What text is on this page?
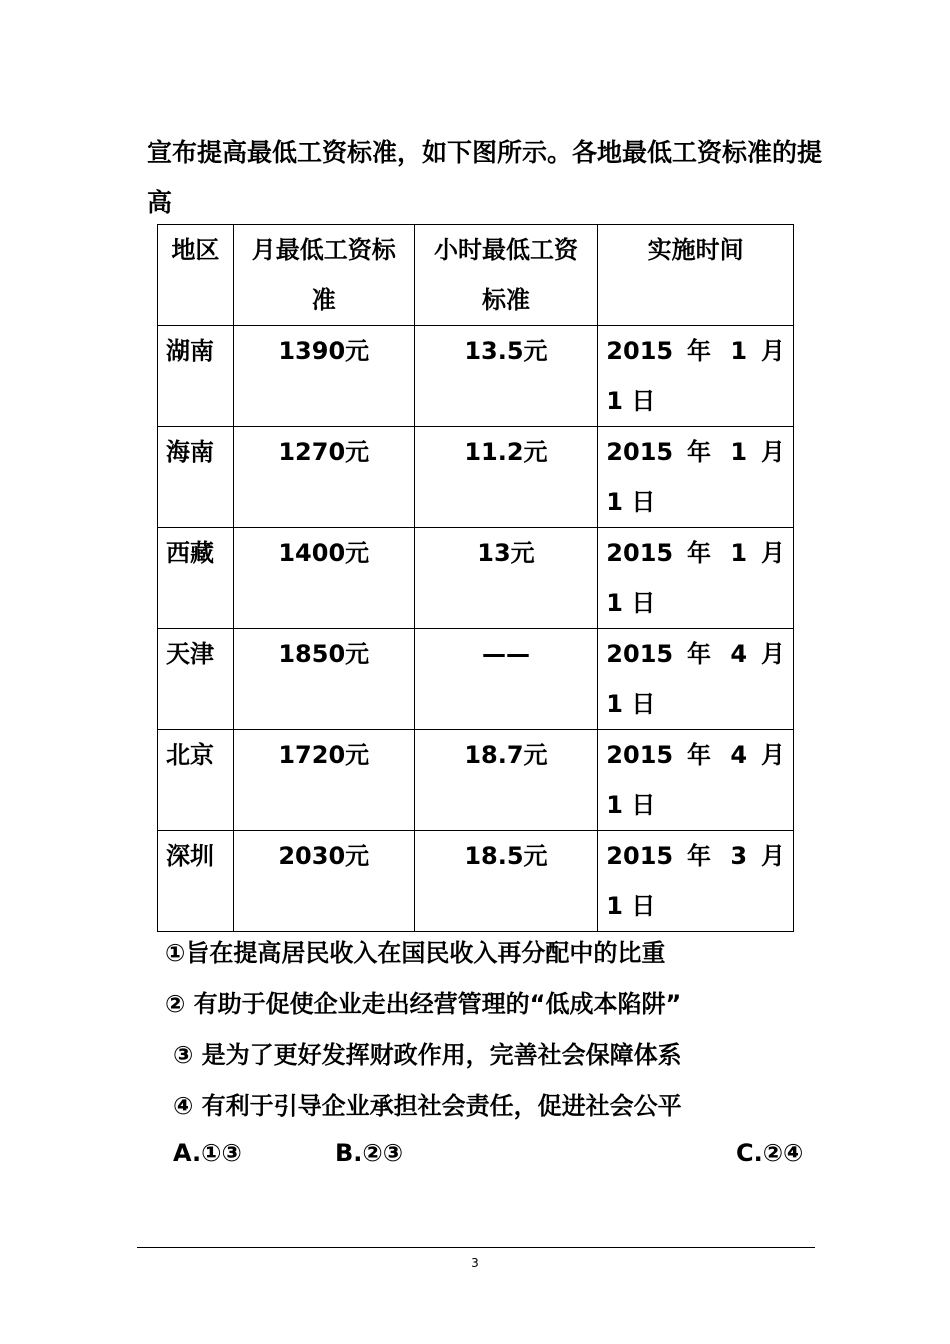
宣布提高最低工资标准，如下图所示。各地最低工资标准的提高

地区	月最低工资标准	小时最低工资标准	实施时间
湖南	1390元	13.5元	2015 年 1 月 1 日
海南	1270元	11.2元	2015 年 1 月 1 日
西藏	1400元	13元	2015 年 1 月 1 日
天津	1850元	——	2015 年 4 月 1 日
北京	1720元	18.7元	2015 年 4 月 1 日
深圳	2030元	18.5元	2015 年 3 月 1 日
①旨在提高居民收入在国民收入再分配中的比重
② 有助于促使企业走出经营管理的“低成本陷阱”
③ 是为了更好发挥财政作用，完善社会保障体系
④ 有利于引导企业承担社会责任，促进社会公平
A.①③	B.②③	C.②④
3
